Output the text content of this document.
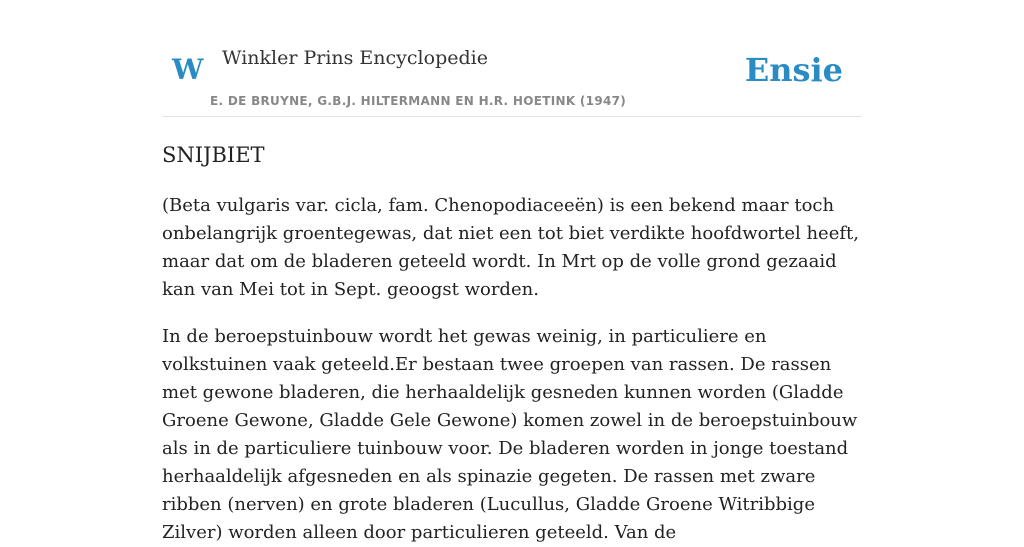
W Winkler Prins Encyclopedie
E. DE BRUYNE, G.B.J. HILTERMANN EN H.R. HOETINK (1947)
Ensie
SNIJBIET

(Beta vulgaris var. cicla, fam. Chenopodiaceeën) is een bekend maar toch onbelangrijk groentegewas, dat niet een tot biet verdikte hoofdwortel heeft, maar dat om de bladeren geteeld wordt. In Mrt op de volle grond gezaaid kan van Mei tot in Sept. geoogst worden.

In de beroepstuinbouw wordt het gewas weinig, in particuliere en volkstuinen vaak geteeld.Er bestaan twee groepen van rassen. De rassen met gewone bladeren, die herhaaldelijk gesneden kunnen worden (Gladde Groene Gewone, Gladde Gele Gewone) komen zowel in de beroepstuinbouw als in de particuliere tuinbouw voor. De bladeren worden in jonge toestand herhaaldelijk afgesneden en als spinazie gegeten. De rassen met zware ribben (nerven) en grote bladeren (Lucullus, Gladde Groene Witribbige Zilver) worden alleen door particulieren geteeld. Van de
